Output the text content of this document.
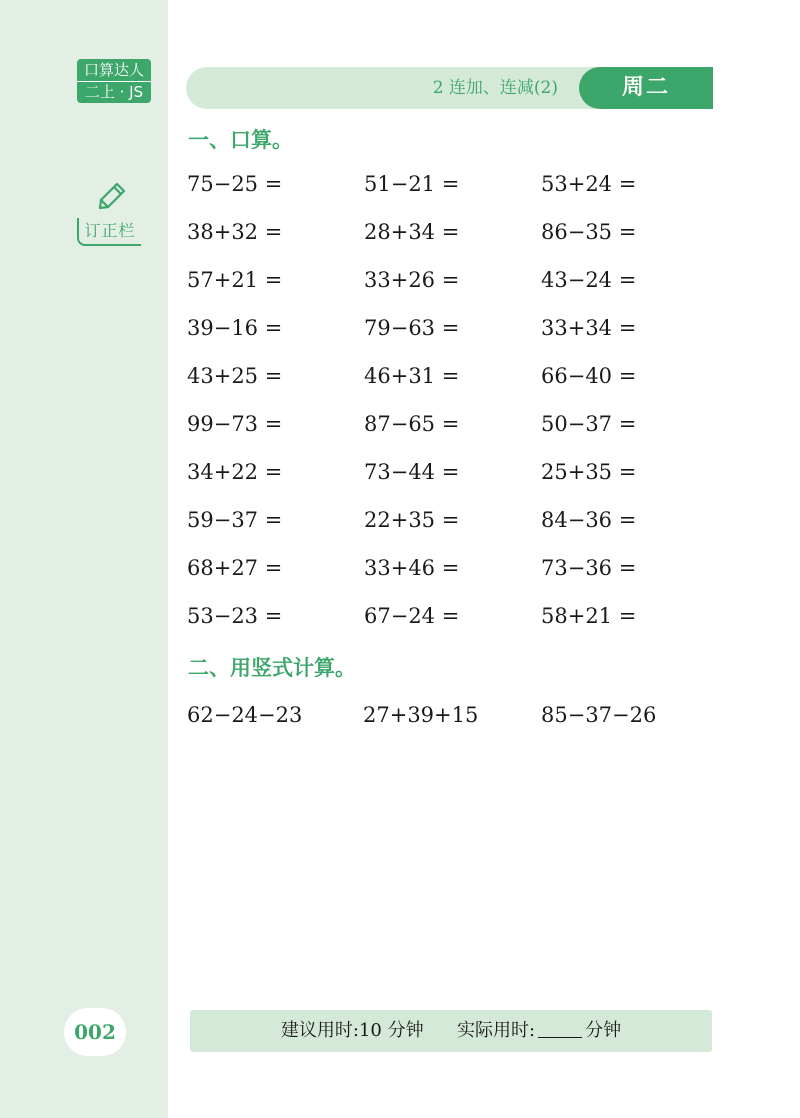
口算达人
二上 · JS
订正栏
2 连加、连减(2)	周二
一、口算。
75−25 =	51−21 =	53+24 =
38+32 =	28+34 =	86−35 =
57+21 =	33+26 =	43−24 =
39−16 =	79−63 =	33+34 =
43+25 =	46+31 =	66−40 =
99−73 =	87−65 =	50−37 =
34+22 =	73−44 =	25+35 =
59−37 =	22+35 =	84−36 =
68+27 =	33+46 =	73−36 =
53−23 =	67−24 =	58+21 =
二、用竖式计算。
62−24−23	27+39+15	85−37−26
002	建议用时:10 分钟 实际用时:	分钟
